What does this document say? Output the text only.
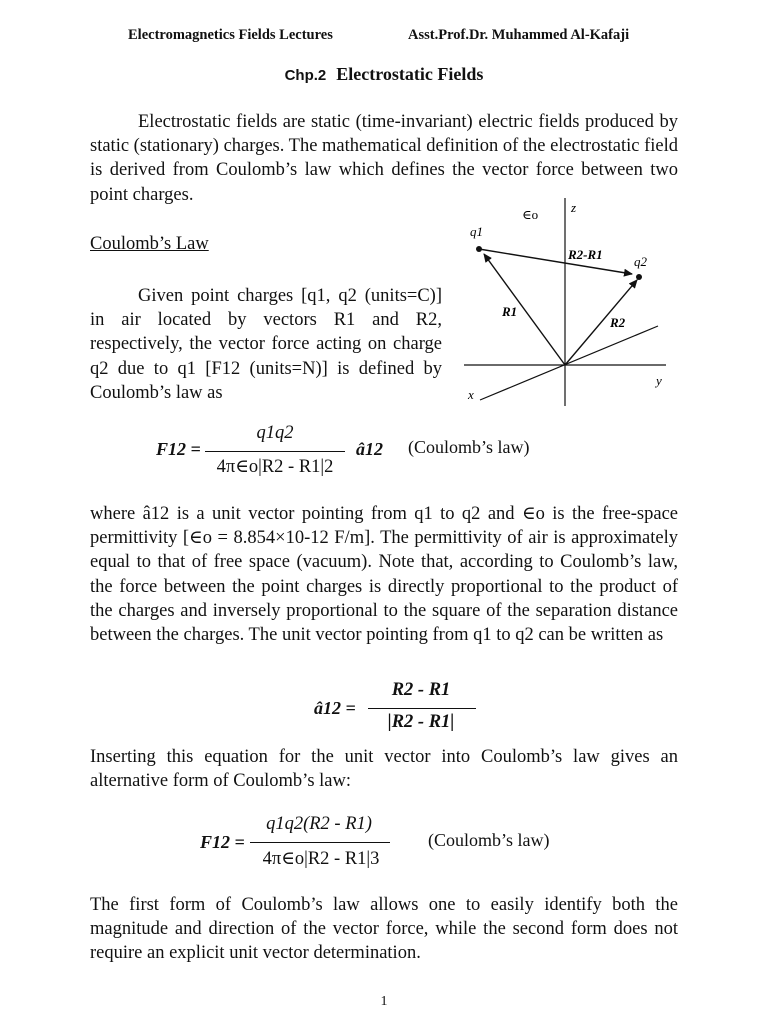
Electromagnetics Fields Lectures	Asst.Prof.Dr. Muhammed Al-Kafaji
Chp.2 Electrostatic Fields
Electrostatic fields are static (time-invariant) electric fields produced by static (stationary) charges. The mathematical definition of the electrostatic field is derived from Coulomb’s law which defines the vector force between two point charges.
Coulomb’s Law
Given point charges [q1, q2 (units=C)] in air located by vectors R1 and R2, respectively, the vector force acting on charge q2 due to q1 [F12 (units=N)] is defined by Coulomb’s law as
∈o	z
x
y
q1
q2
R1
R2
R2-R1
F12 =
q1q2
4π∈o|R2 - R1|2
â12 (Coulomb’s law)
where â12 is a unit vector pointing from q1 to q2 and ∈o is the free-space permittivity [∈o = 8.854×10-12 F/m]. The permittivity of air is approximately equal to that of free space (vacuum). Note that, according to Coulomb’s law, the force between the point charges is directly proportional to the product of the charges and inversely proportional to the square of the separation distance between the charges. The unit vector pointing from q1 to q2 can be written as
â12 =
R2 - R1
|R2 - R1|
Inserting this equation for the unit vector into Coulomb’s law gives an alternative form of Coulomb’s law:
F12 =
q1q2(R2 - R1)
4π∈o|R2 - R1|3
(Coulomb’s law)
The first form of Coulomb’s law allows one to easily identify both the magnitude and direction of the vector force, while the second form does not require an explicit unit vector determination.
1
